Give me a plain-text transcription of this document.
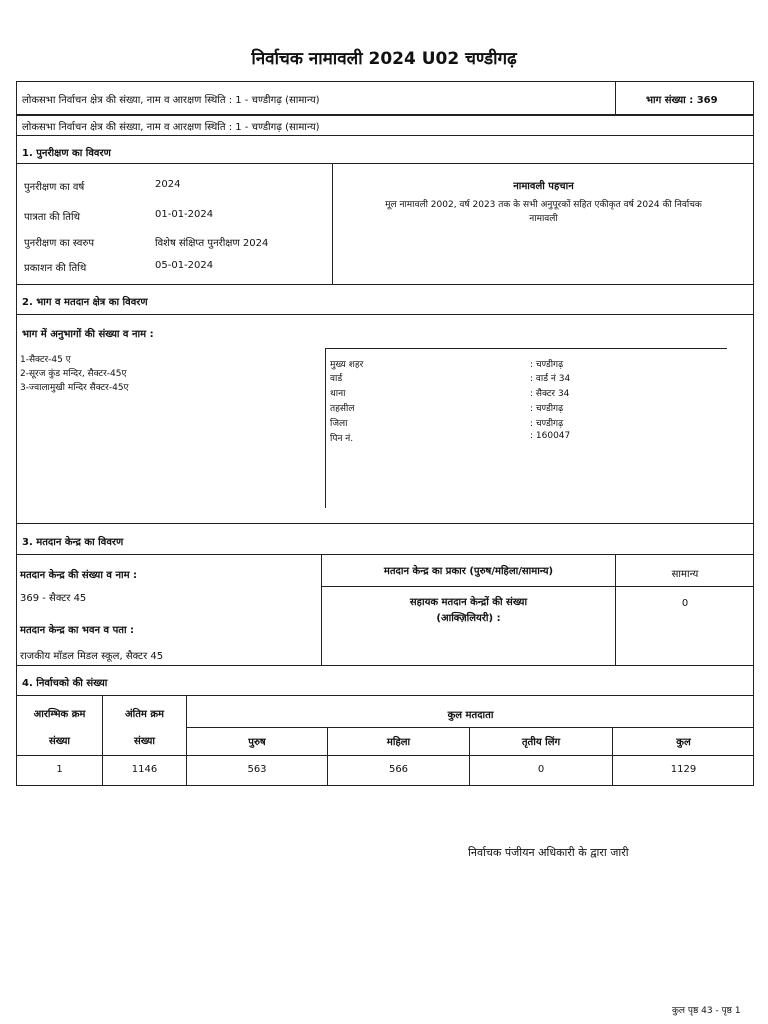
निर्वाचक नामावली 2024 U02 चण्डीगढ़
लोकसभा निर्वाचन क्षेत्र की संख्या, नाम व आरक्षण स्थिति : 1 - चण्डीगढ़ (सामान्य)	भाग संख्या : 369
लोकसभा निर्वाचन क्षेत्र की संख्या, नाम व आरक्षण स्थिति : 1 - चण्डीगढ़ (सामान्य)
1. पुनरीक्षण का विवरण
पुनरीक्षण का वर्ष	2024
पात्रता की तिथि	01-01-2024
पुनरीक्षण का स्वरुप	विशेष संक्षिप्त पुनरीक्षण 2024
प्रकाशन की तिथि	05-01-2024
नामावली पहचान
मूल नामावली 2002, वर्ष 2023 तक के सभी अनुपूरकों सहित एकीकृत वर्ष 2024 की निर्वाचक
नामावली
2. भाग व मतदान क्षेत्र का विवरण
भाग में अनुभागों की संख्या व नाम :
1-सैक्टर-45 ए
2-सूरज कुंड मन्दिर, सैक्टर-45ए
3-ज्वालामुखी मन्दिर सैक्टर-45ए
मुख्य शहर	: चण्डीगढ़
वार्ड	: वार्ड नं 34
थाना	: सैक्टर 34
तहसील	: चण्डीगढ़
जिला	: चण्डीगढ़
पिन नं.	: 160047
3. मतदान केन्द्र का विवरण
मतदान केन्द्र की संख्या व नाम :
369 - सैक्टर 45
मतदान केन्द्र का भवन व पता :
राजकीय मॉडल मिडल स्कूल, सैक्टर 45
मतदान केन्द्र का प्रकार (पुरुष/महिला/सामान्य)	सामान्य
सहायक मतदान केन्द्रों की संख्या
(आक्ज़िलियरी) :
0
4. निर्वाचको की संख्या
आरम्भिक क्रम
संख्या
अंतिम क्रम
संख्या
कुल मतदाता
पुरुष	महिला	तृतीय लिंग	कुल
1	1146	563	566	0	1129
निर्वाचक पंजीयन अधिकारी के द्वारा जारी
कुल पृष्ठ 43 - पृष्ठ 1
